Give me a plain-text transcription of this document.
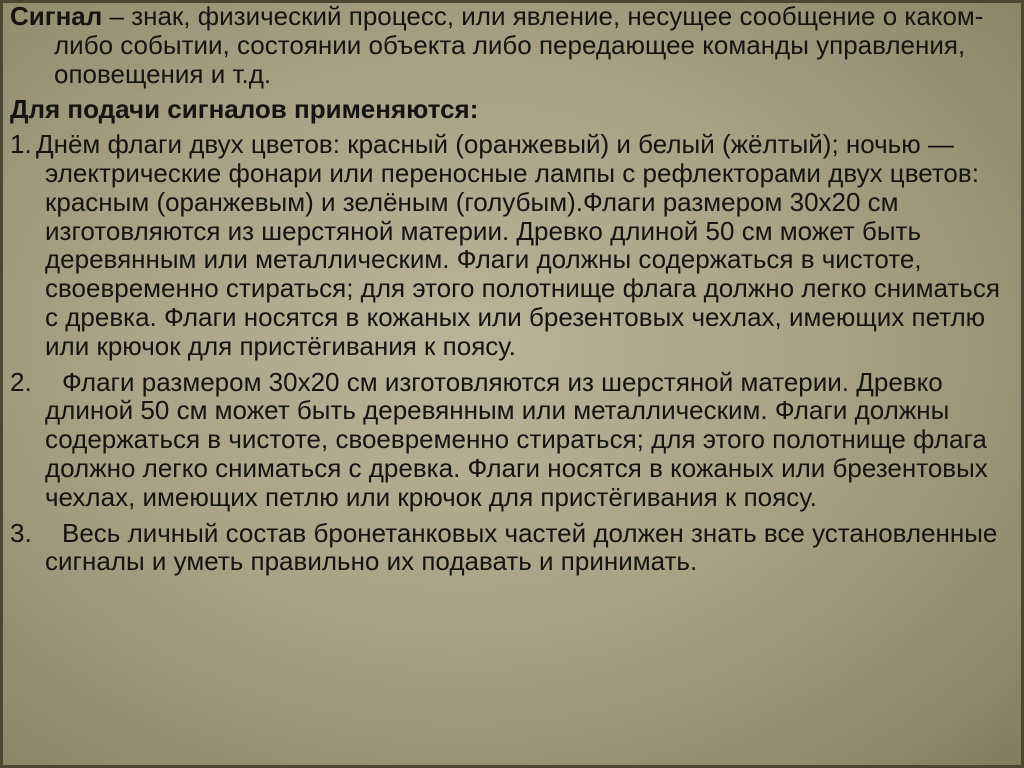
Сигнал – знак, физический процесс, или явление, несущее сообщение о каком-либо событии, состоянии объекта либо передающее команды управления, оповещения и т.д.

Для подачи сигналов применяются:

1. Днём флаги двух цветов: красный (оранжевый) и белый (жёлтый); ночью — электрические фонари или переносные лампы с рефлекторами двух цветов: красным (оранжевым) и зелёным (голубым).Флаги размером 30х20 см изготовляются из шерстяной материи. Древко длиной 50 см может быть деревянным или металлическим. Флаги должны содержаться в чистоте, своевременно стираться; для этого полотнище флага должно легко сниматься с древка. Флаги носятся в кожаных или брезентовых чехлах, имеющих петлю или крючок для пристёгивания к поясу.

2. Флаги размером 30х20 см изготовляются из шерстяной материи. Древко длиной 50 см может быть деревянным или металлическим. Флаги должны содержаться в чистоте, своевременно стираться; для этого полотнище флага должно легко сниматься с древка. Флаги носятся в кожаных или брезентовых чехлах, имеющих петлю или крючок для пристёгивания к поясу.

3. Весь личный состав бронетанковых частей должен знать все установленные сигналы и уметь правильно их подавать и принимать.
